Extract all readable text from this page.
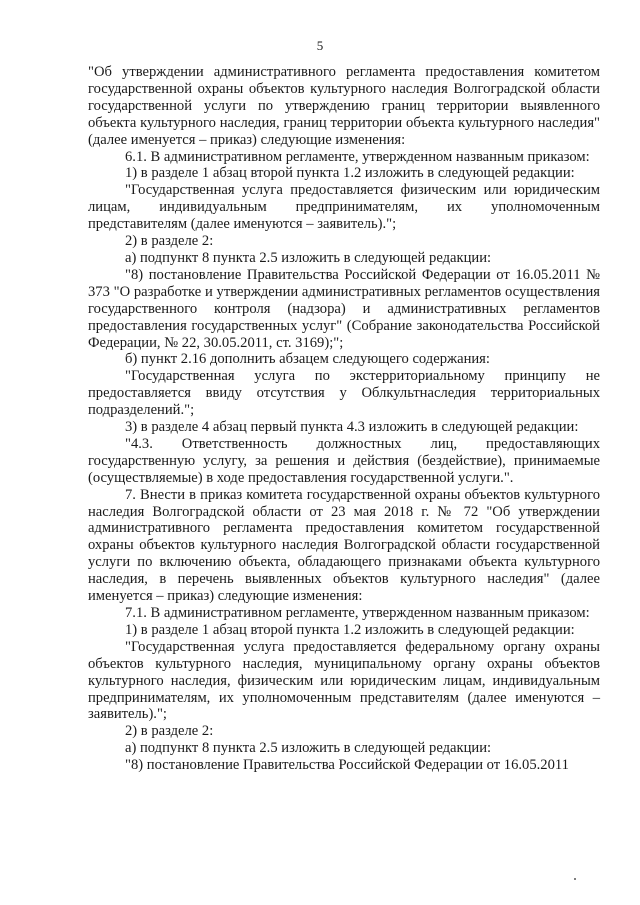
5

"Об утверждении административного регламента предоставления комитетом государственной охраны объектов культурного наследия Волгоградской области государственной услуги по утверждению границ территории выявленного объекта культурного наследия, границ территории объекта культурного наследия" (далее именуется – приказ) следующие изменения:

6.1. В административном регламенте, утвержденном названным приказом:

1) в разделе 1 абзац второй пункта 1.2 изложить в следующей редакции:

"Государственная услуга предоставляется физическим или юридическим лицам, индивидуальным предпринимателям, их уполномоченным представителям (далее именуются – заявитель).";

2) в разделе 2:

а) подпункт 8 пункта 2.5 изложить в следующей редакции:

"8) постановление Правительства Российской Федерации от 16.05.2011 № 373 "О разработке и утверждении административных регламентов осуществления государственного контроля (надзора) и административных регламентов предоставления государственных услуг" (Собрание законодательства Российской Федерации, № 22, 30.05.2011, ст. 3169);";

б) пункт 2.16 дополнить абзацем следующего содержания:

"Государственная услуга по экстерриториальному принципу не предоставляется ввиду отсутствия у Облкультнаследия территориальных подразделений.";

3) в разделе 4 абзац первый пункта 4.3 изложить в следующей редакции:

"4.3. Ответственность должностных лиц, предоставляющих государственную услугу, за решения и действия (бездействие), принимаемые (осуществляемые) в ходе предоставления государственной услуги.".

7. Внести в приказ комитета государственной охраны объектов культурного наследия Волгоградской области от 23 мая 2018 г. № 72 "Об утверждении административного регламента предоставления комитетом государственной охраны объектов культурного наследия Волгоградской области государственной услуги по включению объекта, обладающего признаками объекта культурного наследия, в перечень выявленных объектов культурного наследия" (далее именуется – приказ) следующие изменения:

7.1. В административном регламенте, утвержденном названным приказом:

1) в разделе 1 абзац второй пункта 1.2 изложить в следующей редакции:

"Государственная услуга предоставляется федеральному органу охраны объектов культурного наследия, муниципальному органу охраны объектов культурного наследия, физическим или юридическим лицам, индивидуальным предпринимателям, их уполномоченным представителям (далее именуются – заявитель).";

2) в разделе 2:

а) подпункт 8 пункта 2.5 изложить в следующей редакции:

"8) постановление Правительства Российской Федерации от 16.05.2011
